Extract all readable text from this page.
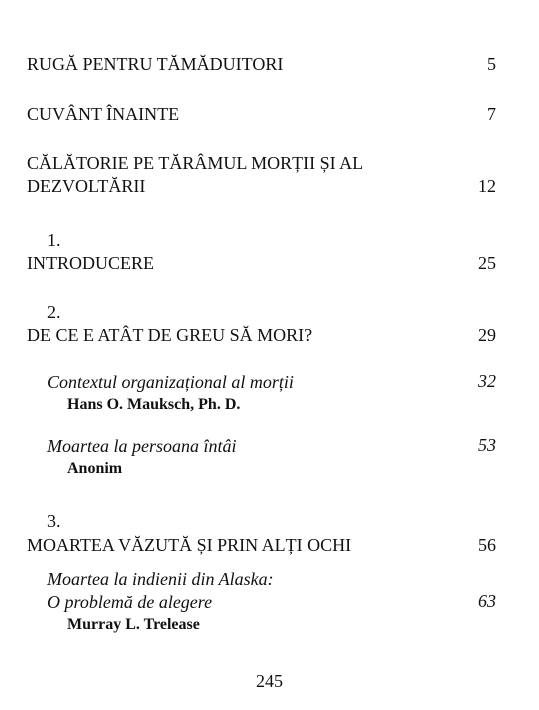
RUGĂ PENTRU TĂMĂDUITORI	5
CUVÂNT ÎNAINTE	7
CĂLĂTORIE PE TĂRÂMUL MORȚII ȘI AL DEZVOLTĂRII	12
1.
INTRODUCERE	25
2.
DE CE E ATÂT DE GREU SĂ MORI?	29
Contextul organizațional al morții	32
Hans O. Mauksch, Ph. D.
Moartea la persoana întâi	53
Anonim
3.
MOARTEA VĂZUTĂ ȘI PRIN ALȚI OCHI	56
Moartea la indienii din Alaska:
O problemă de alegere	63
Murray L. Trelease
245
